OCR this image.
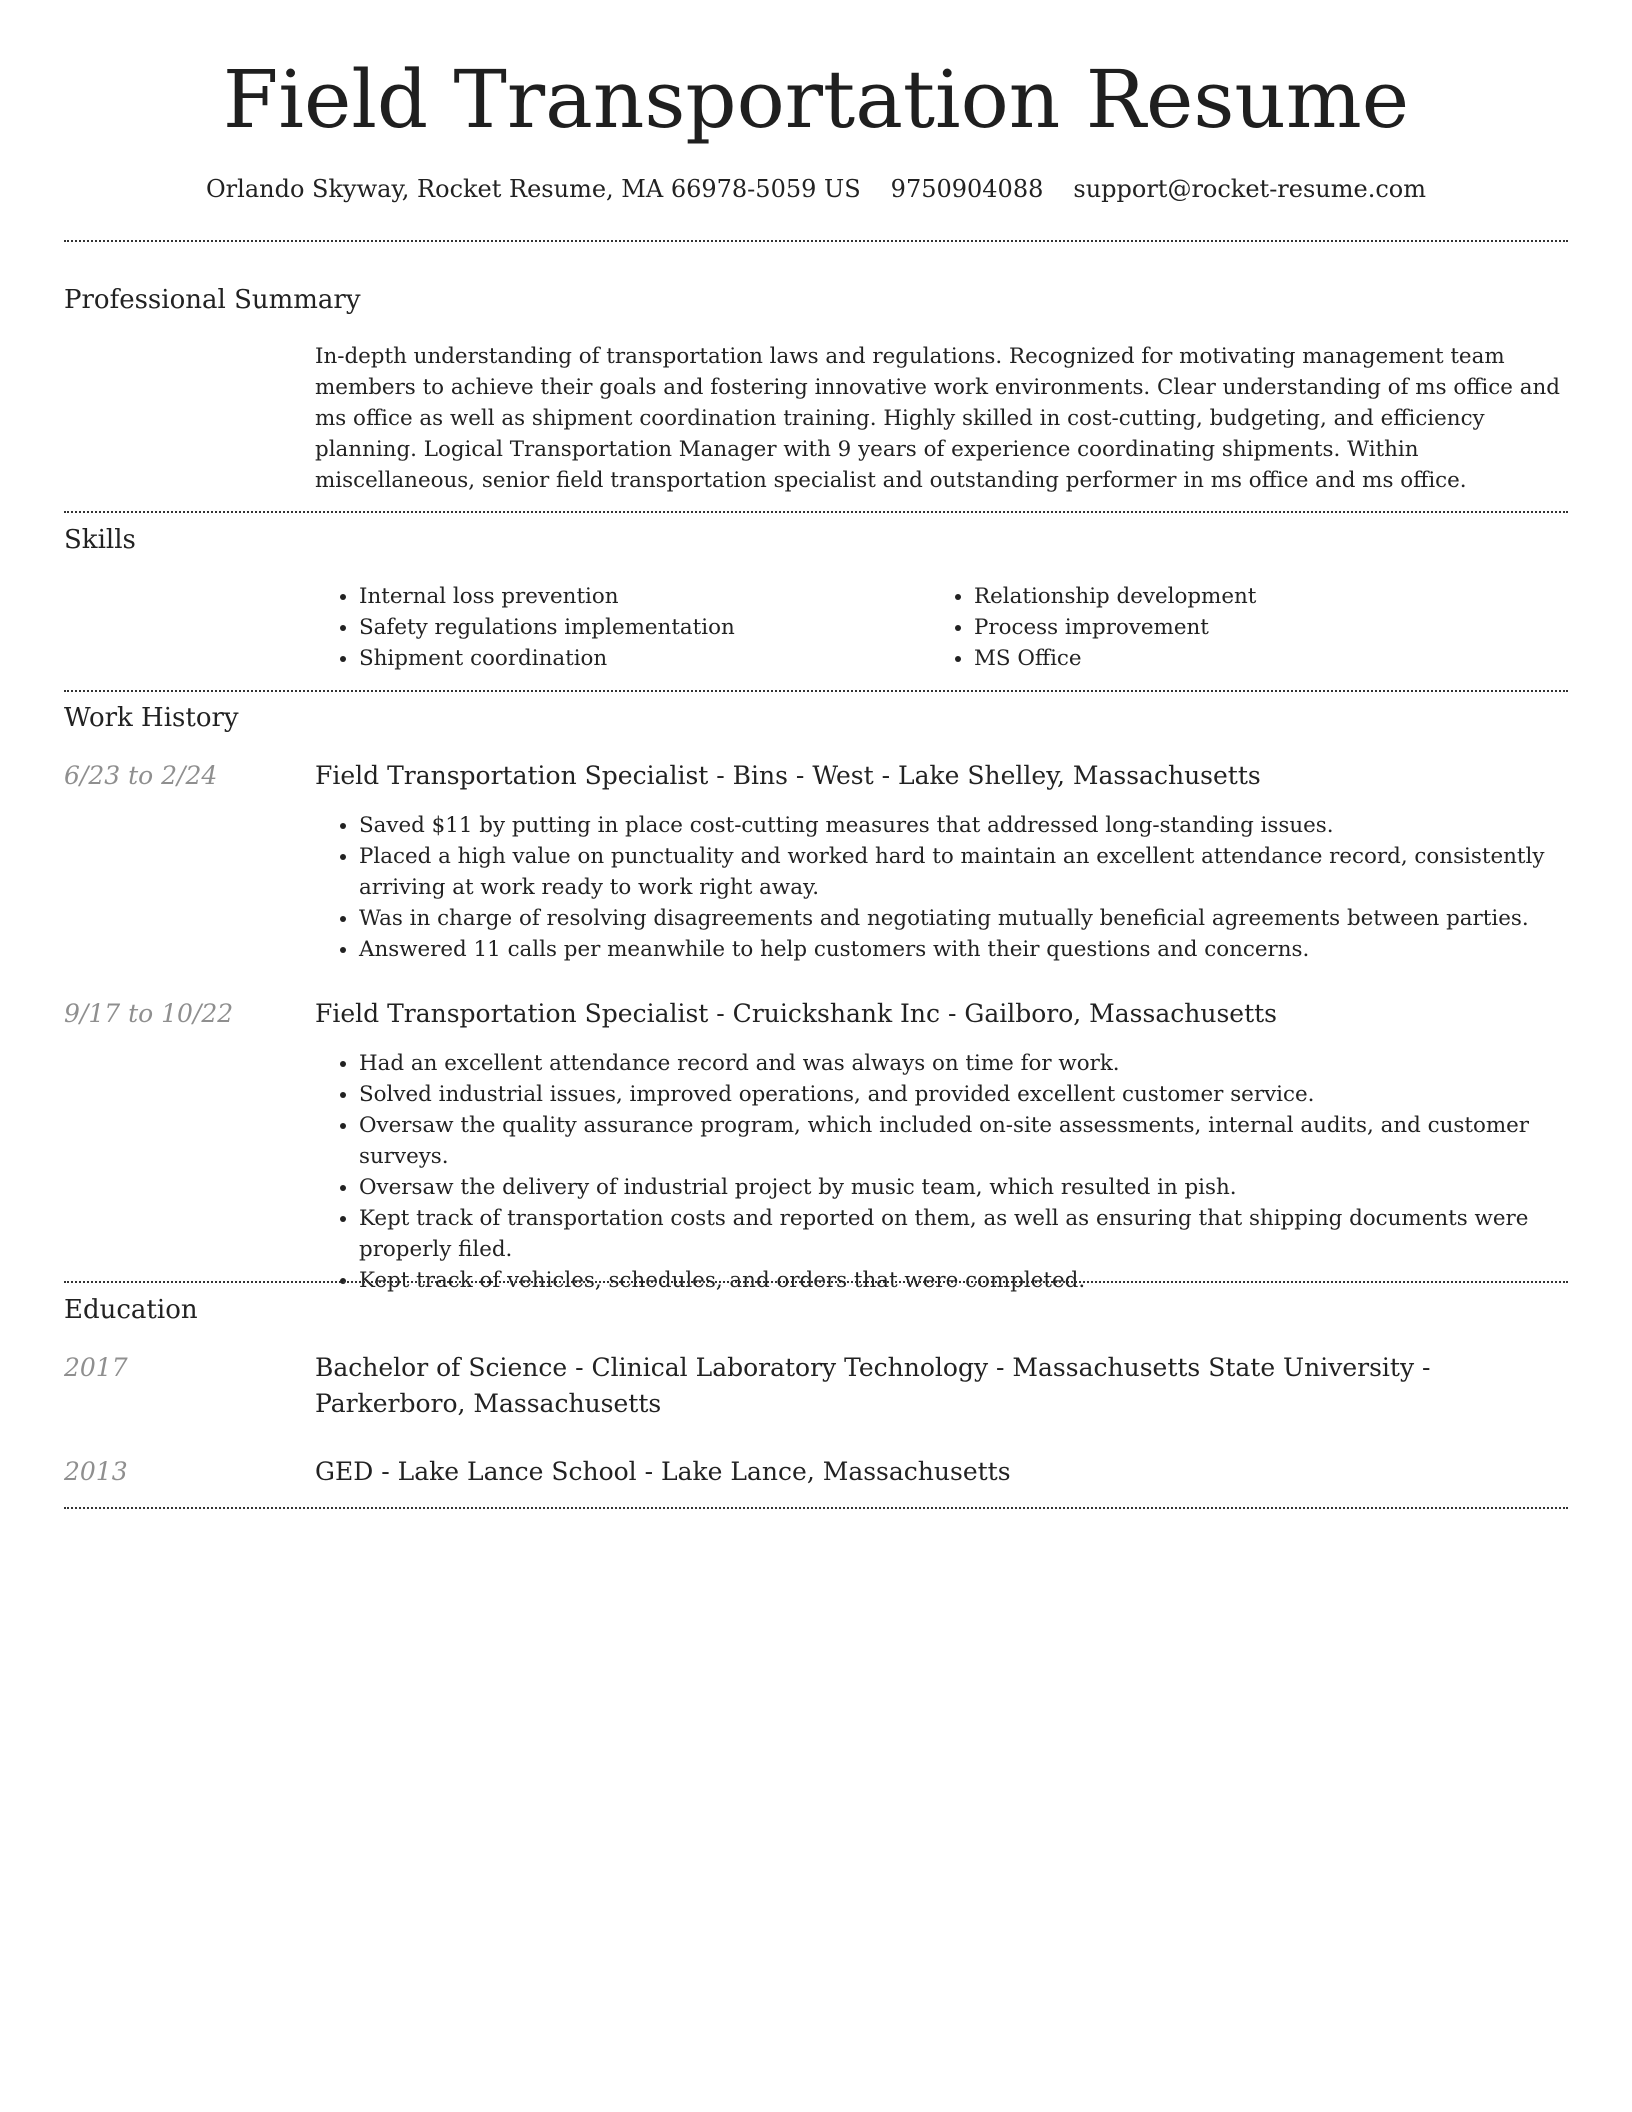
Field Transportation Resume
Orlando Skyway, Rocket Resume, MA 66978-5059 US 9750904088 support@rocket-resume.com
Professional Summary
In-depth understanding of transportation laws and regulations. Recognized for motivating management team members to achieve their goals and fostering innovative work environments. Clear understanding of ms office and ms office as well as shipment coordination training. Highly skilled in cost-cutting, budgeting, and efficiency planning. Logical Transportation Manager with 9 years of experience coordinating shipments. Within miscellaneous, senior field transportation specialist and outstanding performer in ms office and ms office.
Skills
• Internal loss prevention
• Safety regulations implementation
• Shipment coordination
• Relationship development
• Process improvement
• MS Office
Work History
6/23 to 2/24	Field Transportation Specialist - Bins - West - Lake Shelley, Massachusetts
• Saved $11 by putting in place cost-cutting measures that addressed long-standing issues.
• Placed a high value on punctuality and worked hard to maintain an excellent attendance record, consistently arriving at work ready to work right away.
• Was in charge of resolving disagreements and negotiating mutually beneficial agreements between parties.
• Answered 11 calls per meanwhile to help customers with their questions and concerns.
9/17 to 10/22	Field Transportation Specialist - Cruickshank Inc - Gailboro, Massachusetts
• Had an excellent attendance record and was always on time for work.
• Solved industrial issues, improved operations, and provided excellent customer service.
• Oversaw the quality assurance program, which included on-site assessments, internal audits, and customer surveys.
• Oversaw the delivery of industrial project by music team, which resulted in pish.
• Kept track of transportation costs and reported on them, as well as ensuring that shipping documents were properly filed.
• Kept track of vehicles, schedules, and orders that were completed.
Education
2017	Bachelor of Science - Clinical Laboratory Technology - Massachusetts State University - Parkerboro, Massachusetts
2013	GED - Lake Lance School - Lake Lance, Massachusetts
